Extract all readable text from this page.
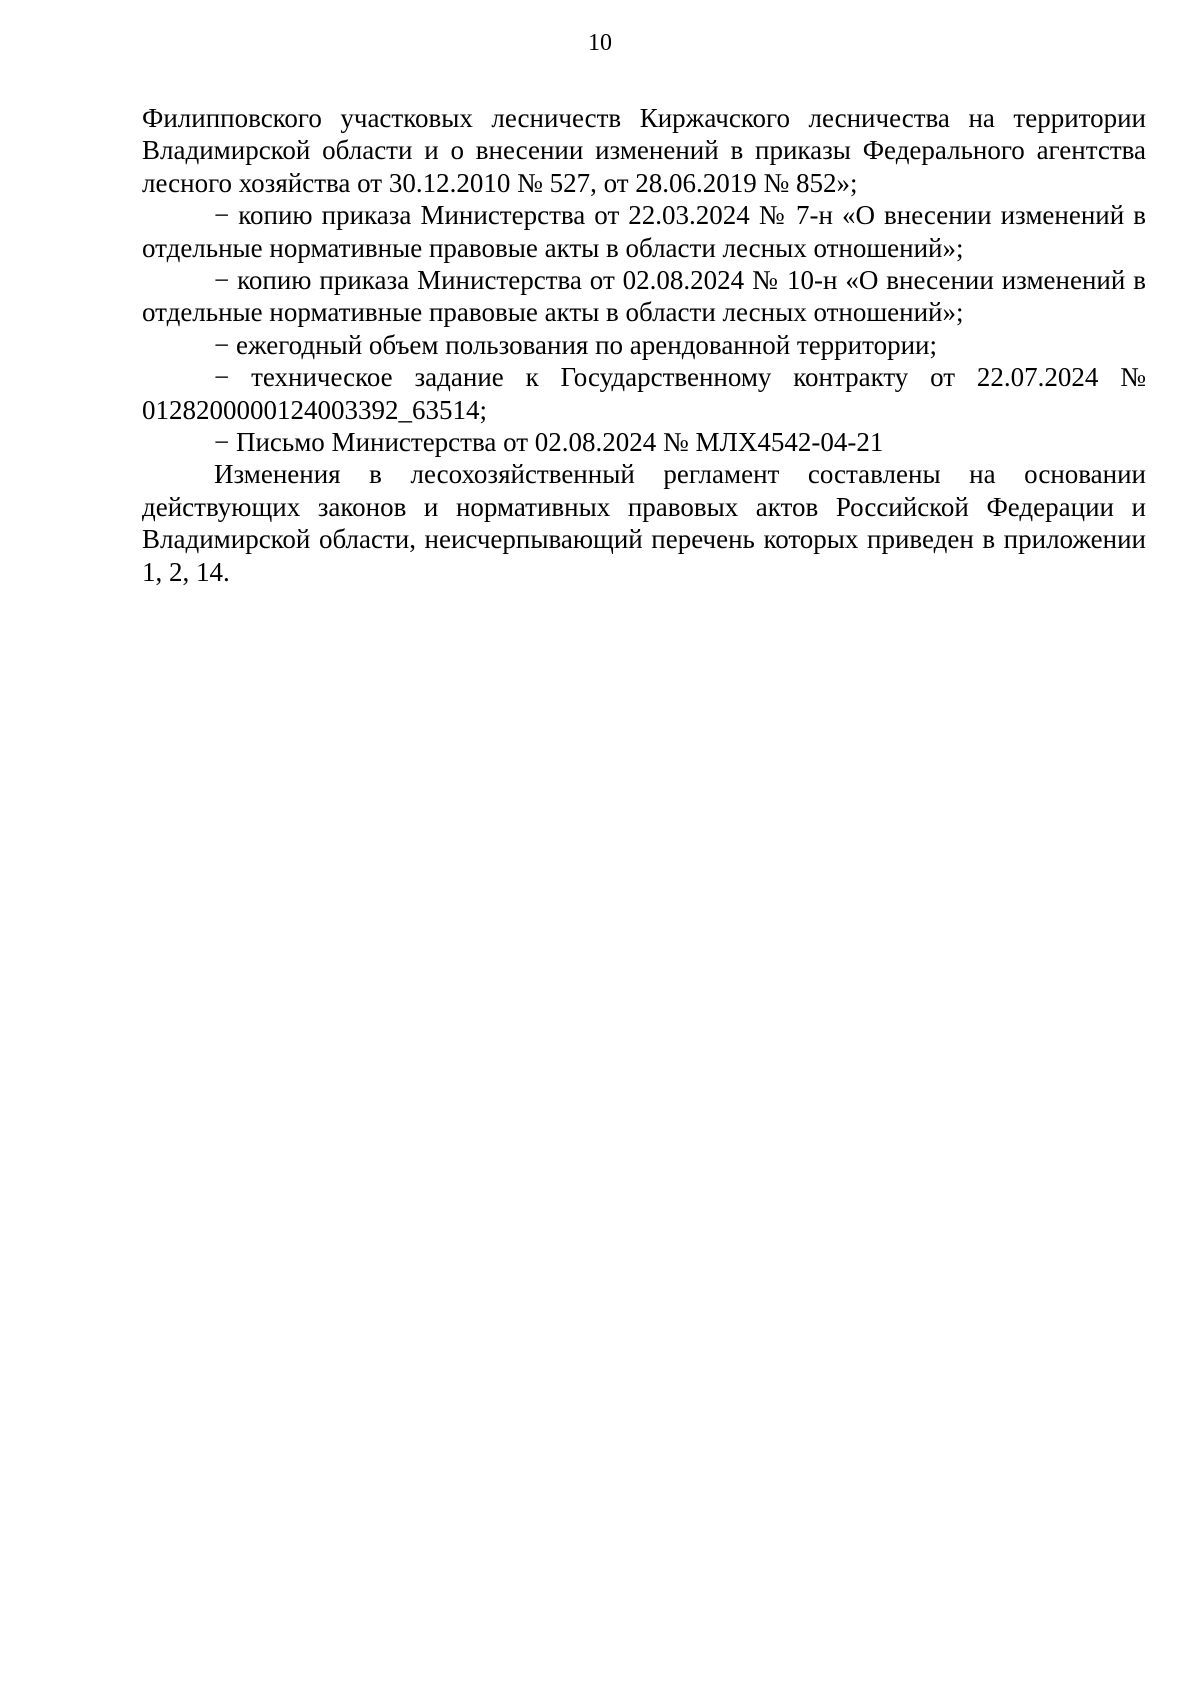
10

Филипповского участковых лесничеств Киржачского лесничества на территории Владимирской области и о внесении изменений в приказы Федерального агентства лесного хозяйства от 30.12.2010 № 527, от 28.06.2019 № 852»;

− копию приказа Министерства от 22.03.2024 № 7-н «О внесении изменений в отдельные нормативные правовые акты в области лесных отношений»;

− копию приказа Министерства от 02.08.2024 № 10-н «О внесении изменений в отдельные нормативные правовые акты в области лесных отношений»;

− ежегодный объем пользования по арендованной территории;

− техническое задание к Государственному контракту от 22.07.2024 № 0128200000124003392_63514;

− Письмо Министерства от 02.08.2024 № МЛХ4542-04-21

Изменения в лесохозяйственный регламент составлены на основании действующих законов и нормативных правовых актов Российской Федерации и Владимирской области, неисчерпывающий перечень которых приведен в приложении 1, 2, 14.
